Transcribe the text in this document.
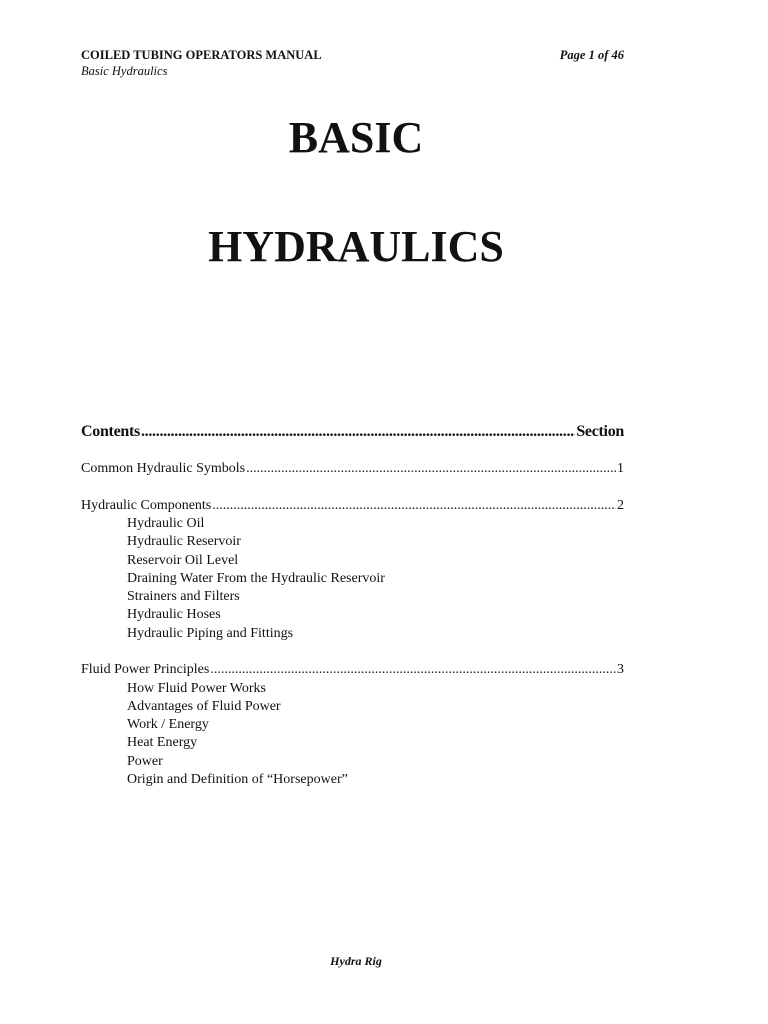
COILED TUBING OPERATORS MANUAL
Basic Hydraulics
Page 1 of 46
BASIC
HYDRAULICS
Contents .....	Section
Common Hydraulic Symbols .....	1
Hydraulic Components .....	2
Hydraulic Oil
Hydraulic Reservoir
Reservoir Oil Level
Draining Water From the Hydraulic Reservoir
Strainers and Filters
Hydraulic Hoses
Hydraulic Piping and Fittings
Fluid Power Principles .....	3
How Fluid Power Works
Advantages of Fluid Power
Work / Energy
Heat Energy
Power
Origin and Definition of “Horsepower”
Hydra Rig
